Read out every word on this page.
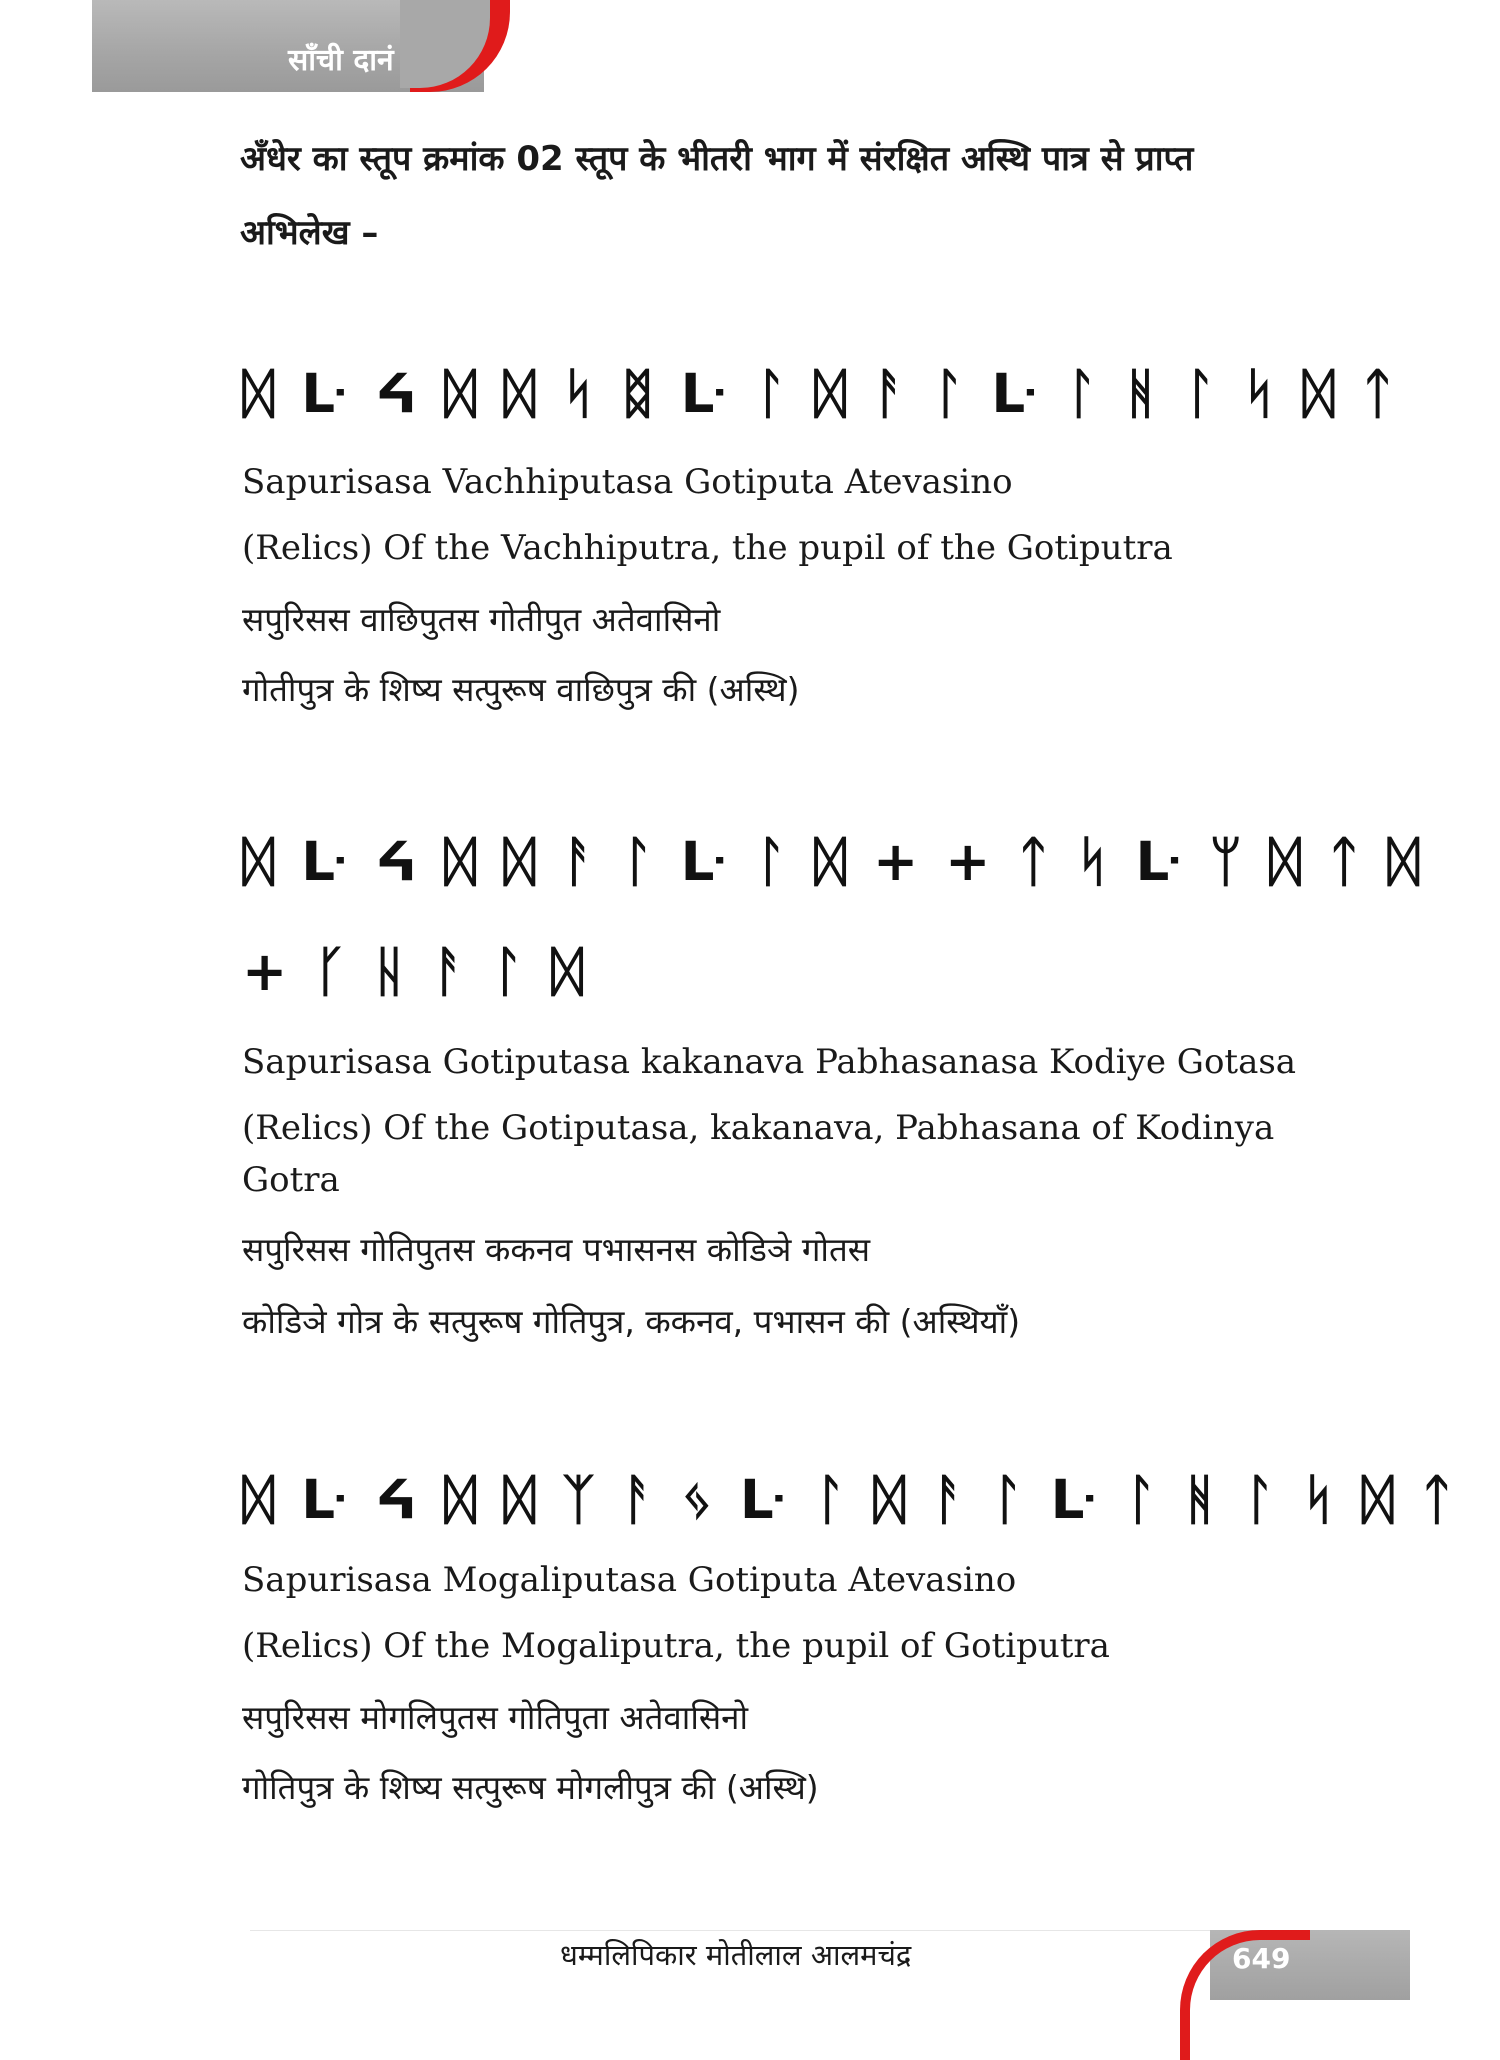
साँची दानं
अँधेर का स्तूप क्रमांक 02 स्तूप के भीतरी भाग में संरक्षित अस्थि पात्र से प्राप्त अभिलेख –
ᛞ ᒷ ᔦ ᛞ ᛞ ᛋ ᛥ ᒷ ᛚ ᛞ ᚨ ᛚ ᒷ ᛚ ᚻ ᛚ ᛋ ᛞ ᛏ
Sapurisasa Vachhiputasa Gotiputa Atevasino
(Relics) Of the Vachhiputra, the pupil of the Gotiputra
सपुरिसस वाछिपुतस गोतीपुत अतेवासिनो
गोतीपुत्र के शिष्य सत्पुरूष वाछिपुत्र की (अस्थि)
ᛞ ᒷ ᔦ ᛞ ᛞ ᚨ ᛚ ᒷ ᛚ ᛞ + + ᛏ ᛋ ᒷ ᛘ ᛞ ᛏ ᛞ
+ ᚴ ᚺ ᚨ ᛚ ᛞ
Sapurisasa Gotiputasa kakanava Pabhasanasa Kodiye Gotasa
(Relics) Of the Gotiputasa, kakanava, Pabhasana of Kodinya
Gotra
सपुरिसस गोतिपुतस ककनव पभासनस कोडिञे गोतस
कोडिञे गोत्र के सत्पुरूष गोतिपुत्र, ककनव, पभासन की (अस्थियाँ)
ᛞ ᒷ ᔦ ᛞ ᛞ ᛉ ᚨ ᛃ ᒷ ᛚ ᛞ ᚨ ᛚ ᒷ ᛚ ᚻ ᛚ ᛋ ᛞ ᛏ
Sapurisasa Mogaliputasa Gotiputa Atevasino
(Relics) Of the Mogaliputra, the pupil of Gotiputra
सपुरिसस मोगलिपुतस गोतिपुता अतेवासिनो
गोतिपुत्र के शिष्य सत्पुरूष मोगलीपुत्र की (अस्थि)
धम्मलिपिकार मोतीलाल आलमचंद्र	649
